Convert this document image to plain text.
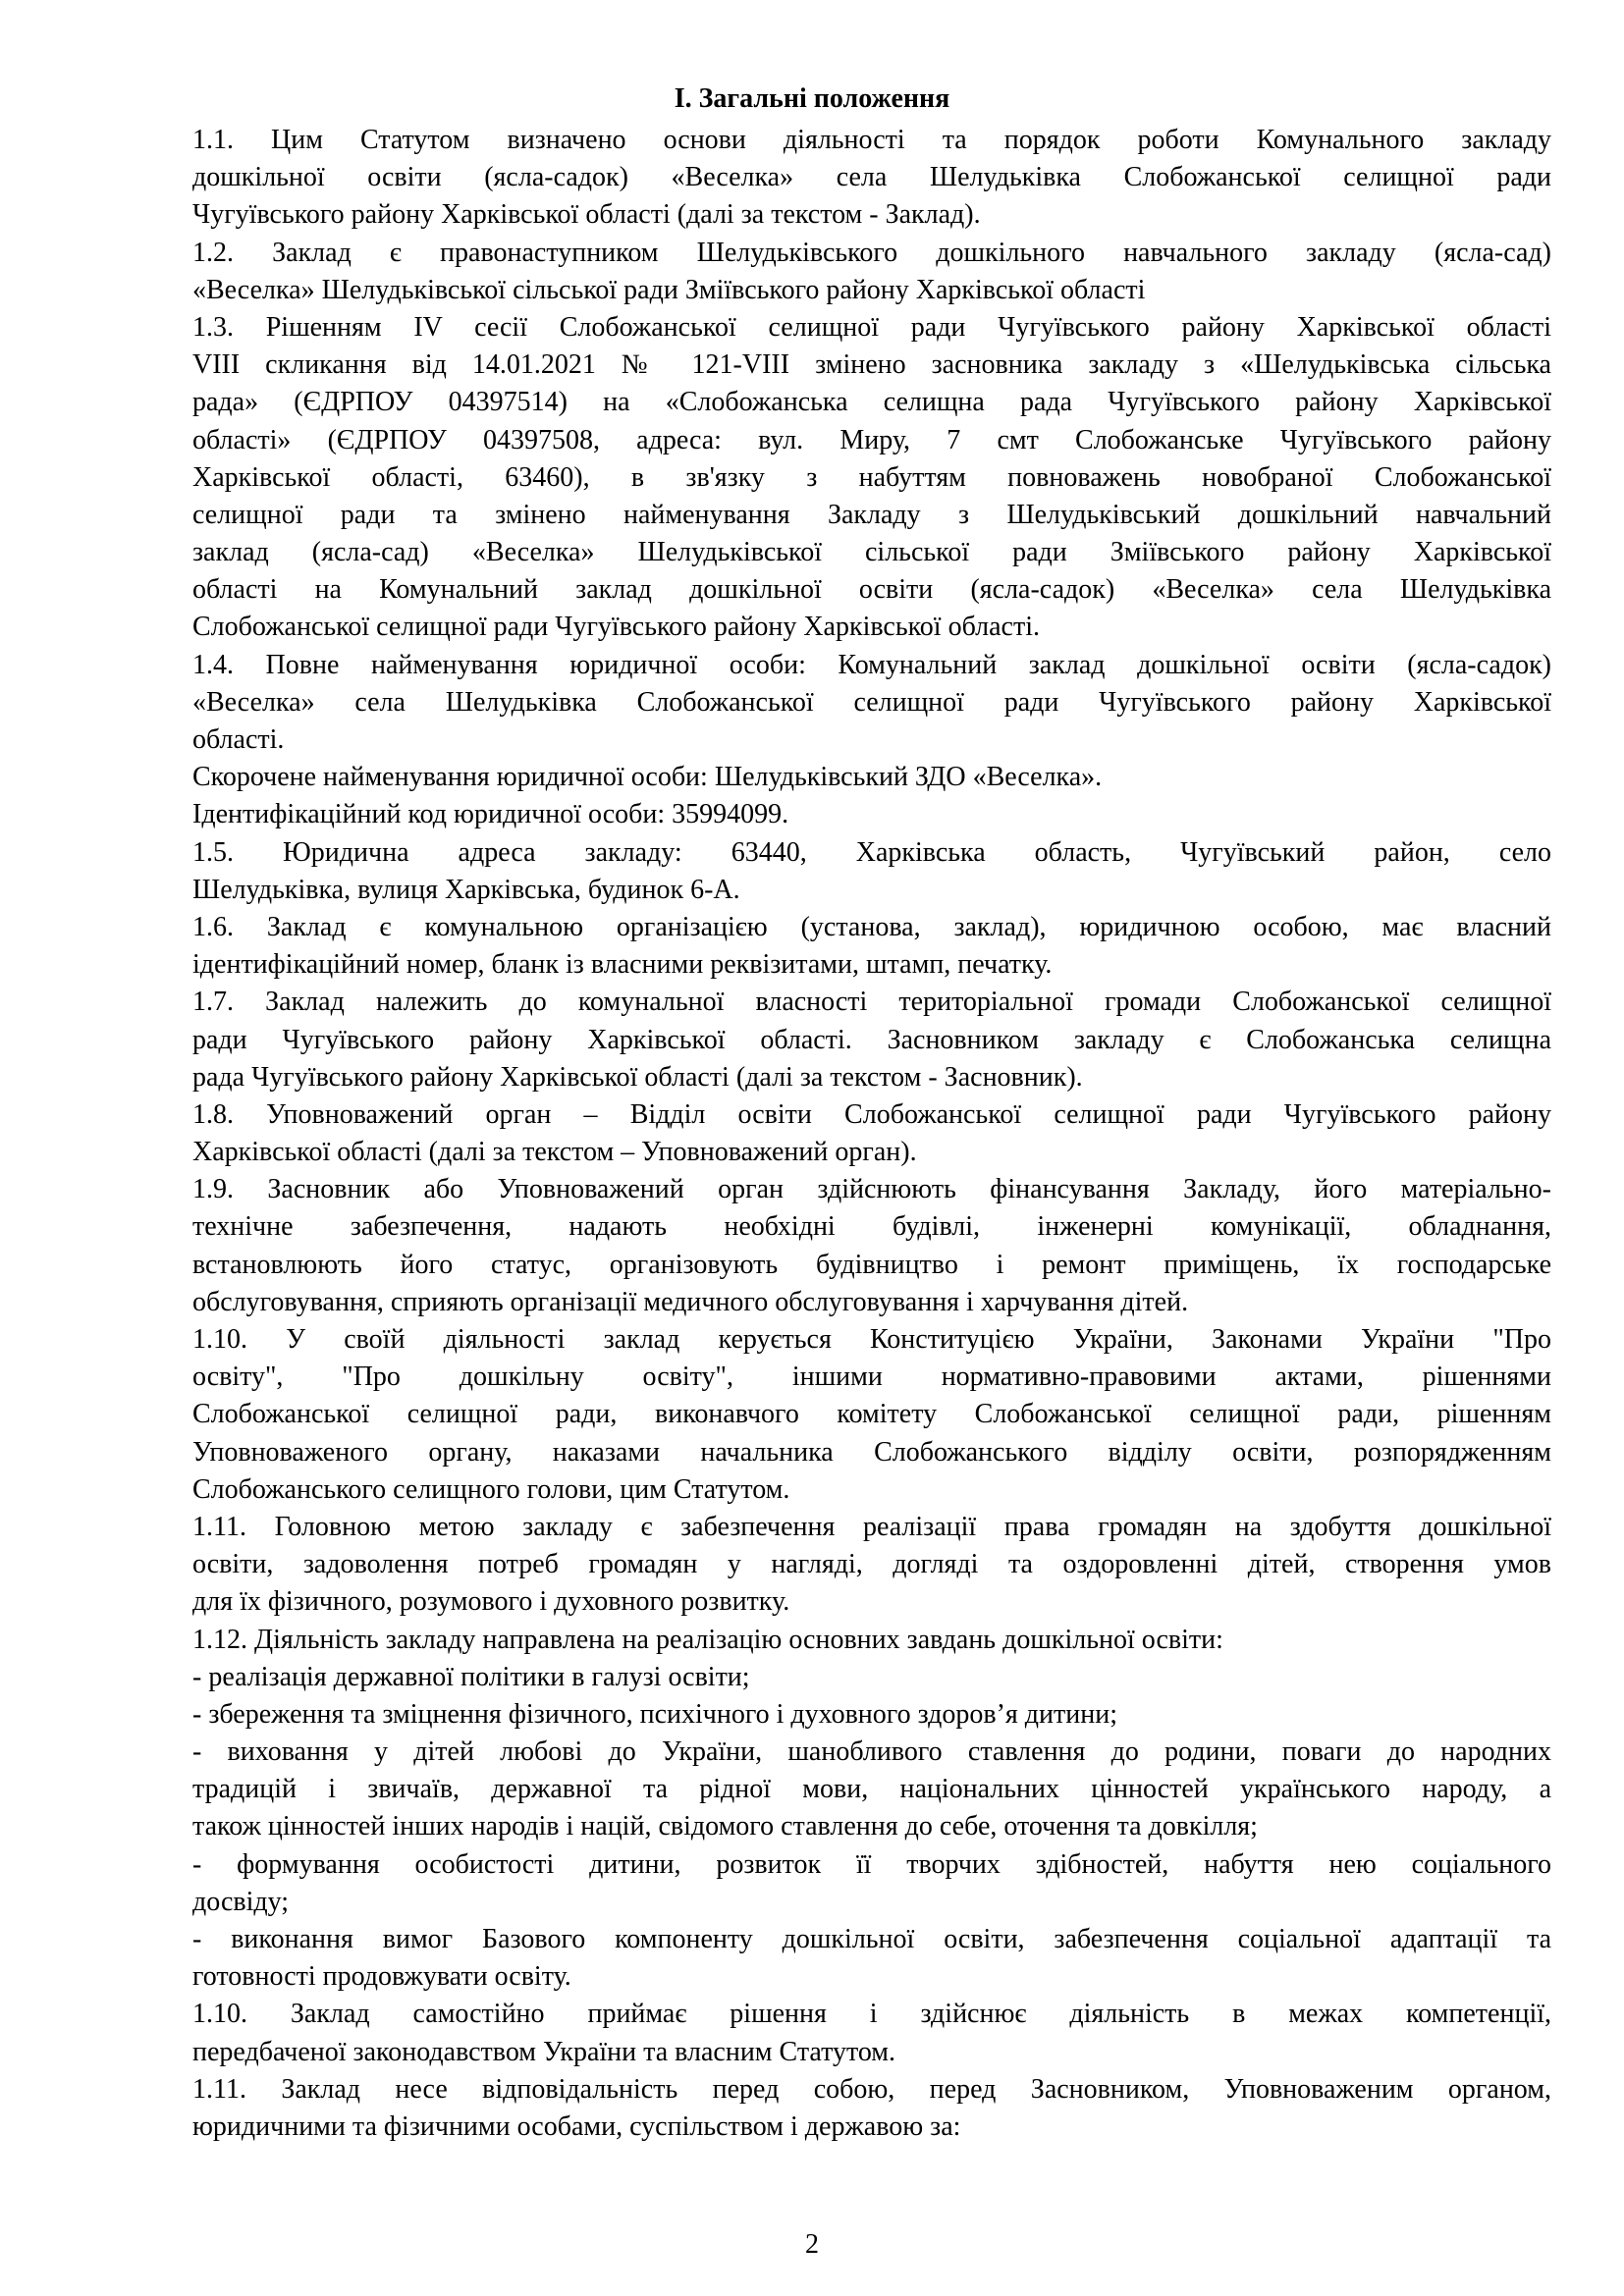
I. Загальні положення
1.1. Цим Статутом визначено основи діяльності та порядок роботи Комунального закладу
дошкільної освіти (ясла-садок) «Веселка» села Шелудьківка Слобожанської селищної ради
Чугуївського району Харківської області (далі за текстом - Заклад).
1.2. Заклад є правонаступником Шелудьківського дошкільного навчального закладу (ясла-сад)
«Веселка» Шелудьківської сільської ради Зміївського району Харківської області
1.3. Рішенням IV сесії Слобожанської селищної ради Чугуївського району Харківської області
VIII скликання від 14.01.2021 № 121-VIII змінено засновника закладу з «Шелудьківська сільська
рада» (ЄДРПОУ 04397514) на «Слобожанська селищна рада Чугуївського району Харківської
області» (ЄДРПОУ 04397508, адреса: вул. Миру, 7 смт Слобожанське Чугуївського району
Харківської області, 63460), в зв'язку з набуттям повноважень новобраної Слобожанської
селищної ради та змінено найменування Закладу з Шелудьківський дошкільний навчальний
заклад (ясла-сад) «Веселка» Шелудьківської сільської ради Зміївського району Харківської
області на Комунальний заклад дошкільної освіти (ясла-садок) «Веселка» села Шелудьківка
Слобожанської селищної ради Чугуївського району Харківської області.
1.4. Повне найменування юридичної особи: Комунальний заклад дошкільної освіти (ясла-садок)
«Веселка» села Шелудьківка Слобожанської селищної ради Чугуївського району Харківської
області.
Скорочене найменування юридичної особи: Шелудьківський ЗДО «Веселка».
Ідентифікаційний код юридичної особи: 35994099.
1.5. Юридична адреса закладу: 63440, Харківська область, Чугуївський район, село
Шелудьківка, вулиця Харківська, будинок 6-А.
1.6. Заклад є комунальною організацією (установа, заклад), юридичною особою, має власний
ідентифікаційний номер, бланк із власними реквізитами, штамп, печатку.
1.7. Заклад належить до комунальної власності територіальної громади Слобожанської селищної
ради Чугуївського району Харківської області. Засновником закладу є Слобожанська селищна
рада Чугуївського району Харківської області (далі за текстом - Засновник).
1.8. Уповноважений орган – Відділ освіти Слобожанської селищної ради Чугуївського району
Харківської області (далі за текстом – Уповноважений орган).
1.9. Засновник або Уповноважений орган здійснюють фінансування Закладу, його матеріально-
технічне забезпечення, надають необхідні будівлі, інженерні комунікації, обладнання,
встановлюють його статус, організовують будівництво і ремонт приміщень, їх господарське
обслуговування, сприяють організації медичного обслуговування і харчування дітей.
1.10. У своїй діяльності заклад керується Конституцією України, Законами України "Про
освіту", "Про дошкільну освіту", іншими нормативно-правовими актами, рішеннями
Слобожанської селищної ради, виконавчого комітету Слобожанської селищної ради, рішенням
Уповноваженого органу, наказами начальника Слобожанського відділу освіти, розпорядженням
Слобожанського селищного голови, цим Статутом.
1.11. Головною метою закладу є забезпечення реалізації права громадян на здобуття дошкільної
освіти, задоволення потреб громадян у нагляді, догляді та оздоровленні дітей, створення умов
для їх фізичного, розумового і духовного розвитку.
1.12. Діяльність закладу направлена на реалізацію основних завдань дошкільної освіти:
- реалізація державної політики в галузі освіти;
- збереження та зміцнення фізичного, психічного і духовного здоров’я дитини;
- виховання у дітей любові до України, шанобливого ставлення до родини, поваги до народних
традицій і звичаїв, державної та рідної мови, національних цінностей українського народу, а
також цінностей інших народів і націй, свідомого ставлення до себе, оточення та довкілля;
- формування особистості дитини, розвиток її творчих здібностей, набуття нею соціального
досвіду;
- виконання вимог Базового компоненту дошкільної освіти, забезпечення соціальної адаптації та
готовності продовжувати освіту.
1.10. Заклад самостійно приймає рішення і здійснює діяльність в межах компетенції,
передбаченої законодавством України та власним Статутом.
1.11. Заклад несе відповідальність перед собою, перед Засновником, Уповноваженим органом,
юридичними та фізичними особами, суспільством і державою за:
2
